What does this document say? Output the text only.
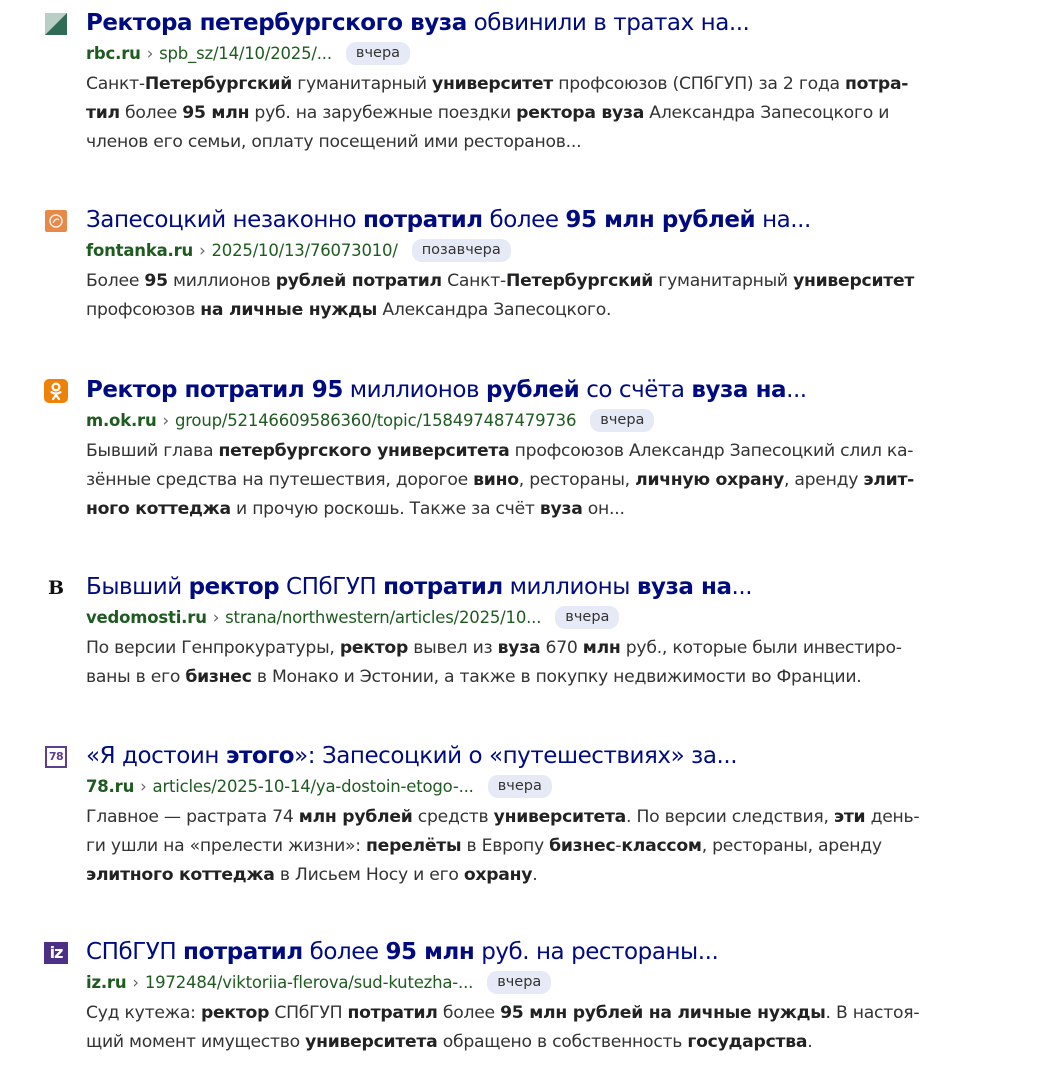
Ректора петербургского вуза обвинили в тратах на...
rbc.ru › spb_sz/14/10/2025/...	вчера
Санкт-Петербургский гуманитарный университет профсоюзов (СПбГУП) за 2 года потра-
тил более 95 млн руб. на зарубежные поездки ректора вуза Александра Запесоцкого и
членов его семьи, оплату посещений ими ресторанов...
Запесоцкий незаконно потратил более 95 млн рублей на...
fontanka.ru › 2025/10/13/76073010/	позавчера
Более 95 миллионов рублей потратил Санкт-Петербургский гуманитарный университет
профсоюзов на личные нужды Александра Запесоцкого.
Ректор потратил 95 миллионов рублей со счёта вуза на...
m.ok.ru › group/52146609586360/topic/158497487479736	вчера
Бывший глава петербургского университета профсоюзов Александр Запесоцкий слил ка-
зённые средства на путешествия, дорогое вино, рестораны, личную охрану, аренду элит-
ного коттеджа и прочую роскошь. Также за счёт вуза он...
B Бывший ректор СПбГУП потратил миллионы вуза на...
vedomosti.ru › strana/northwestern/articles/2025/10...	вчера
По версии Генпрокуратуры, ректор вывел из вуза 670 млн руб., которые были инвестиро-
ваны в его бизнес в Монако и Эстонии, а также в покупку недвижимости во Франции.
78 «Я достоин этого»: Запесоцкий о «путешествиях» за...
78.ru › articles/2025-10-14/ya-dostoin-etogo-...	вчера
Главное — растрата 74 млн рублей средств университета. По версии следствия, эти день-
ги ушли на «прелести жизни»: перелёты в Европу бизнес-классом, рестораны, аренду
элитного коттеджа в Лисьем Носу и его охрану.
iz СПбГУП потратил более 95 млн руб. на рестораны...
iz.ru › 1972484/viktoriia-flerova/sud-kutezha-...	вчера
Суд кутежа: ректор СПбГУП потратил более 95 млн рублей на личные нужды. В настоя-
щий момент имущество университета обращено в собственность государства.
